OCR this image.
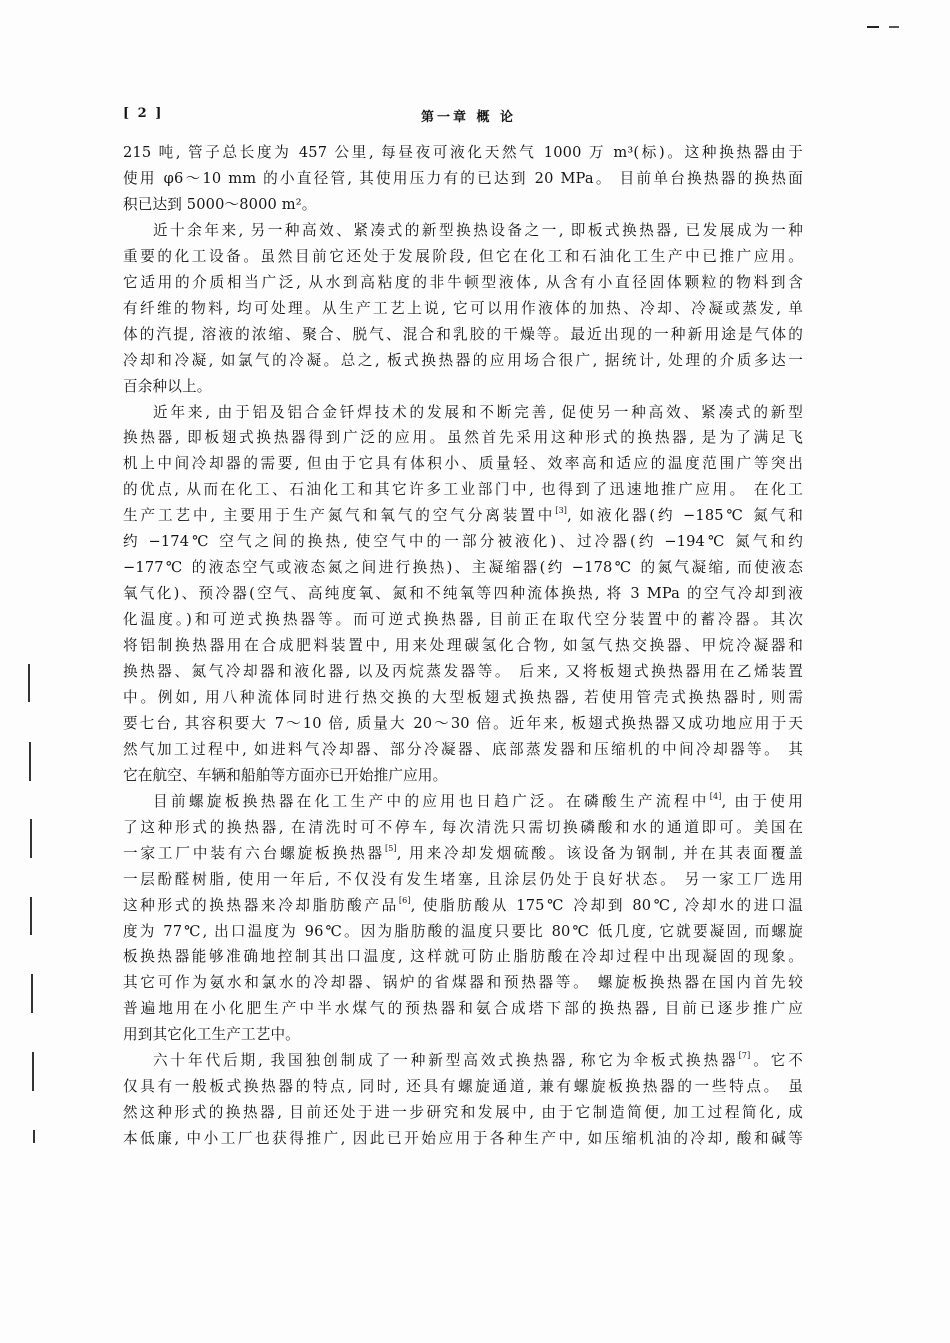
[ 2 ]	第一章 概 论
215 吨, 管子总长度为 457 公里, 每昼夜可液化天然气 1000 万 m³(标)。这种换热器由于
使用 φ6～10 mm 的小直径管, 其使用压力有的已达到 20 MPa。 目前单台换热器的换热面
积已达到 5000～8000 m²。
近十余年来, 另一种高效、紧凑式的新型换热设备之一, 即板式换热器, 已发展成为一种
重要的化工设备。虽然目前它还处于发展阶段, 但它在化工和石油化工生产中已推广应用。
它适用的介质相当广泛, 从水到高粘度的非牛顿型液体, 从含有小直径固体颗粒的物料到含
有纤维的物料, 均可处理。从生产工艺上说, 它可以用作液体的加热、冷却、冷凝或蒸发, 单
体的汽提, 溶液的浓缩、聚合、脱气、混合和乳胶的干燥等。最近出现的一种新用途是气体的
冷却和冷凝, 如氯气的冷凝。总之, 板式换热器的应用场合很广, 据统计, 处理的介质多达一
百余种以上。
近年来, 由于铝及铝合金钎焊技术的发展和不断完善, 促使另一种高效、紧凑式的新型
换热器, 即板翅式换热器得到广泛的应用。虽然首先采用这种形式的换热器, 是为了满足飞
机上中间冷却器的需要, 但由于它具有体积小、质量轻、效率高和适应的温度范围广等突出
的优点, 从而在化工、石油化工和其它许多工业部门中, 也得到了迅速地推广应用。 在化工
生产工艺中, 主要用于生产氮气和氧气的空气分离装置中[3], 如液化器(约 −185℃ 氮气和
约 −174℃ 空气之间的换热, 使空气中的一部分被液化)、过冷器(约 −194℃ 氮气和约
−177℃ 的液态空气或液态氮之间进行换热)、主凝缩器(约 −178℃ 的氮气凝缩, 而使液态
氧气化)、预冷器(空气、高纯度氧、氮和不纯氧等四种流体换热, 将 3 MPa 的空气冷却到液
化温度。)和可逆式换热器等。而可逆式换热器, 目前正在取代空分装置中的蓄冷器。其次
将铝制换热器用在合成肥料装置中, 用来处理碳氢化合物, 如氢气热交换器、甲烷冷凝器和
换热器、氮气冷却器和液化器, 以及丙烷蒸发器等。 后来, 又将板翅式换热器用在乙烯装置
中。例如, 用八种流体同时进行热交换的大型板翅式换热器, 若使用管壳式换热器时, 则需
要七台, 其容积要大 7～10 倍, 质量大 20～30 倍。近年来, 板翅式换热器又成功地应用于天
然气加工过程中, 如进料气冷却器、部分冷凝器、底部蒸发器和压缩机的中间冷却器等。 其
它在航空、车辆和船舶等方面亦已开始推广应用。
目前螺旋板换热器在化工生产中的应用也日趋广泛。在磷酸生产流程中[4], 由于使用
了这种形式的换热器, 在清洗时可不停车, 每次清洗只需切换磷酸和水的通道即可。美国在
一家工厂中装有六台螺旋板换热器[5], 用来冷却发烟硫酸。该设备为钢制, 并在其表面覆盖
一层酚醛树脂, 使用一年后, 不仅没有发生堵塞, 且涂层仍处于良好状态。 另一家工厂选用
这种形式的换热器来冷却脂肪酸产品[6], 使脂肪酸从 175℃ 冷却到 80℃, 冷却水的进口温
度为 77℃, 出口温度为 96℃。因为脂肪酸的温度只要比 80℃ 低几度, 它就要凝固, 而螺旋
板换热器能够准确地控制其出口温度, 这样就可防止脂肪酸在冷却过程中出现凝固的现象。
其它可作为氨水和氯水的冷却器、锅炉的省煤器和预热器等。 螺旋板换热器在国内首先较
普遍地用在小化肥生产中半水煤气的预热器和氨合成塔下部的换热器, 目前已逐步推广应
用到其它化工生产工艺中。
六十年代后期, 我国独创制成了一种新型高效式换热器, 称它为伞板式换热器[7]。它不
仅具有一般板式换热器的特点, 同时, 还具有螺旋通道, 兼有螺旋板换热器的一些特点。 虽
然这种形式的换热器, 目前还处于进一步研究和发展中, 由于它制造简便, 加工过程简化, 成
本低廉, 中小工厂也获得推广, 因此已开始应用于各种生产中, 如压缩机油的冷却, 酸和碱等
